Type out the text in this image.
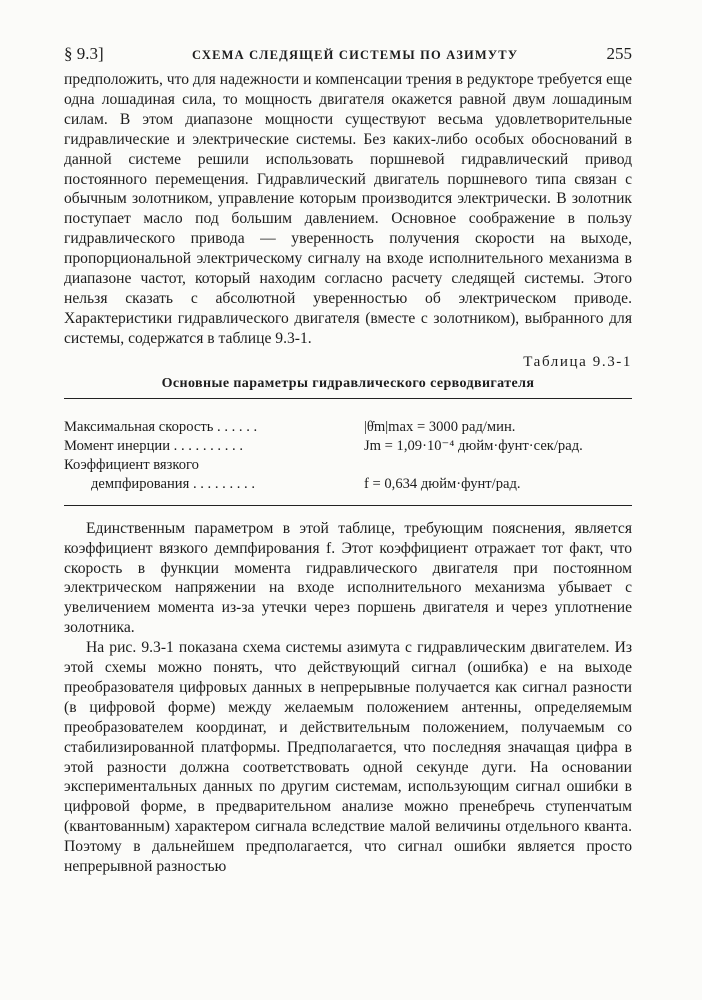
§ 9.3]	СХЕМА СЛЕДЯЩЕЙ СИСТЕМЫ ПО АЗИМУТУ	255

предположить, что для надежности и компенсации трения в редукторе требуется еще одна лошадиная сила, то мощность двигателя окажется равной двум лошадиным силам. В этом диапазоне мощности существуют весьма удовлетворительные гидравлические и электрические системы. Без каких-либо особых обоснований в данной системе решили использовать поршневой гидравлический привод постоянного перемещения. Гидравлический двигатель поршневого типа связан с обычным золотником, управление которым производится электрически. В золотник поступает масло под большим давлением. Основное соображение в пользу гидравлического привода — уверенность получения скорости на выходе, пропорциональной электрическому сигналу на входе исполнительного механизма в диапазоне частот, который находим согласно расчету следящей системы. Этого нельзя сказать с абсолютной уверенностью об электрическом приводе. Характеристики гидравлического двигателя (вместе с золотником), выбранного для системы, содержатся в таблице 9.3-1.

Таблица 9.3-1
Основные параметры гидравлического серводвигателя
Максимальная скорость . . . . . .	|θ̇m|max = 3000 рад/мин.
Момент инерции . . . . . . . . . .	Jm = 1,09·10⁻⁴ дюйм·фунт·сек/рад.
Коэффициент вязкого
демпфирования . . . . . . . . .	f = 0,634 дюйм·фунт/рад.

Единственным параметром в этой таблице, требующим пояснения, является коэффициент вязкого демпфирования f. Этот коэффициент отражает тот факт, что скорость в функции момента гидравлического двигателя при постоянном электрическом напряжении на входе исполнительного механизма убывает с увеличением момента из-за утечки через поршень двигателя и через уплотнение золотника.

На рис. 9.3-1 показана схема системы азимута с гидравлическим двигателем. Из этой схемы можно понять, что действующий сигнал (ошибка) e на выходе преобразователя цифровых данных в непрерывные получается как сигнал разности (в цифровой форме) между желаемым положением антенны, определяемым преобразователем координат, и действительным положением, получаемым со стабилизированной платформы. Предполагается, что последняя значащая цифра в этой разности должна соответствовать одной секунде дуги. На основании экспериментальных данных по другим системам, использующим сигнал ошибки в цифровой форме, в предварительном анализе можно пренебречь ступенчатым (квантованным) характером сигнала вследствие малой величины отдельного кванта. Поэтому в дальнейшем предполагается, что сигнал ошибки является просто непрерывной разностью
